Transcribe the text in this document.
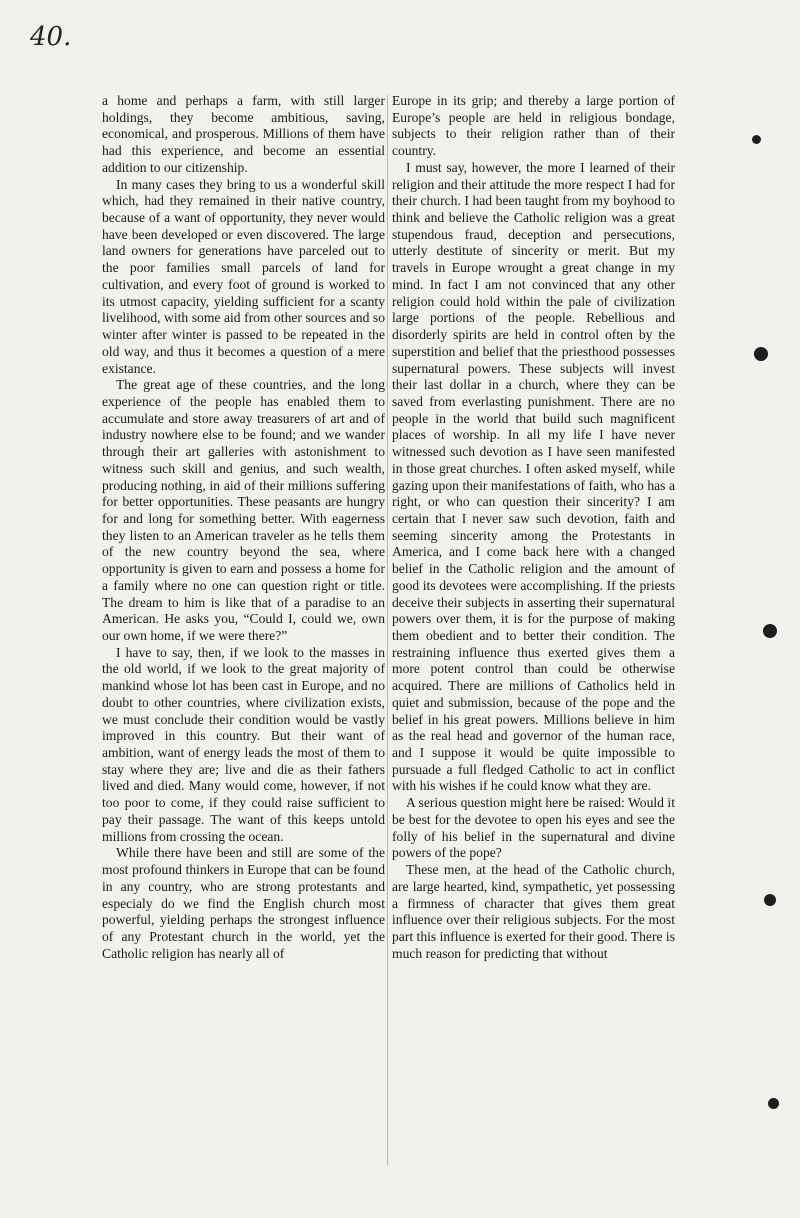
40.

a home and perhaps a farm, with still larger holdings, they become ambitious, saving, economical, and prosperous. Millions of them have had this experience, and become an essential addition to our citizenship.

In many cases they bring to us a wonderful skill which, had they remained in their native country, because of a want of opportunity, they never would have been developed or even discovered. The large land owners for generations have parceled out to the poor families small parcels of land for cultivation, and every foot of ground is worked to its utmost capacity, yielding sufficient for a scanty livelihood, with some aid from other sources and so winter after winter is passed to be repeated in the old way, and thus it becomes a question of a mere existance.

The great age of these countries, and the long experience of the people has enabled them to accumulate and store away treasurers of art and of industry nowhere else to be found; and we wander through their art galleries with astonishment to witness such skill and genius, and such wealth, producing nothing, in aid of their millions suffering for better opportunities. These peasants are hungry for and long for something better. With eagerness they listen to an American traveler as he tells them of the new country beyond the sea, where opportunity is given to earn and possess a home for a family where no one can question right or title. The dream to him is like that of a paradise to an American. He asks you, “Could I, could we, own our own home, if we were there?”

I have to say, then, if we look to the masses in the old world, if we look to the great majority of mankind whose lot has been cast in Europe, and no doubt to other countries, where civilization exists, we must conclude their condition would be vastly improved in this country. But their want of ambition, want of energy leads the most of them to stay where they are; live and die as their fathers lived and died. Many would come, however, if not too poor to come, if they could raise sufficient to pay their passage. The want of this keeps untold millions from crossing the ocean.

While there have been and still are some of the most profound thinkers in Europe that can be found in any country, who are strong protestants and especialy do we find the English church most powerful, yielding perhaps the strongest influence of any Protestant church in the world, yet the Catholic religion has nearly all of

Europe in its grip; and thereby a large portion of Europe’s people are held in religious bondage, subjects to their religion rather than of their country.

I must say, however, the more I learned of their religion and their attitude the more respect I had for their church. I had been taught from my boyhood to think and believe the Catholic religion was a great stupendous fraud, deception and persecutions, utterly destitute of sincerity or merit. But my travels in Europe wrought a great change in my mind. In fact I am not convinced that any other religion could hold within the pale of civilization large portions of the people. Rebellious and disorderly spirits are held in control often by the superstition and belief that the priesthood possesses supernatural powers. These subjects will invest their last dollar in a church, where they can be saved from everlasting punishment. There are no people in the world that build such magnificent places of worship. In all my life I have never witnessed such devotion as I have seen manifested in those great churches. I often asked myself, while gazing upon their manifestations of faith, who has a right, or who can question their sincerity? I am certain that I never saw such devotion, faith and seeming sincerity among the Protestants in America, and I come back here with a changed belief in the Catholic religion and the amount of good its devotees were accomplishing. If the priests deceive their subjects in asserting their supernatural powers over them, it is for the purpose of making them obedient and to better their condition. The restraining influence thus exerted gives them a more potent control than could be otherwise acquired. There are millions of Catholics held in quiet and submission, because of the pope and the belief in his great powers. Millions believe in him as the real head and governor of the human race, and I suppose it would be quite impossible to pursuade a full fledged Catholic to act in conflict with his wishes if he could know what they are.

A serious question might here be raised: Would it be best for the devotee to open his eyes and see the folly of his belief in the supernatural and divine powers of the pope?

These men, at the head of the Catholic church, are large hearted, kind, sympathetic, yet possessing a firmness of character that gives them great influence over their religious subjects. For the most part this influence is exerted for their good. There is much reason for predicting that without
